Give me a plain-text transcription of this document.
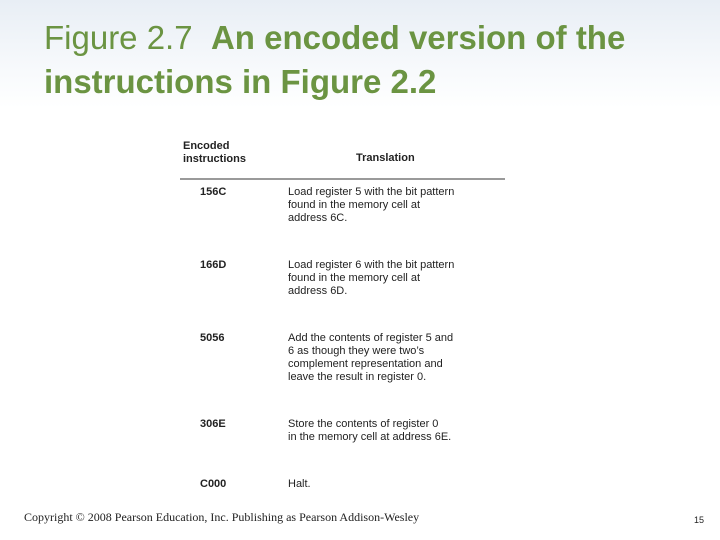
Figure 2.7 An encoded version of the instructions in Figure 2.2
Encoded
instructions	Translation
156C	Load register 5 with the bit pattern
found in the memory cell at
address 6C.
166D	Load register 6 with the bit pattern
found in the memory cell at
address 6D.
5056	Add the contents of register 5 and
6 as though they were two’s
complement representation and
leave the result in register 0.
306E	Store the contents of register 0
in the memory cell at address 6E.
C000	Halt.
Copyright © 2008 Pearson Education, Inc. Publishing as Pearson Addison-Wesley	15
